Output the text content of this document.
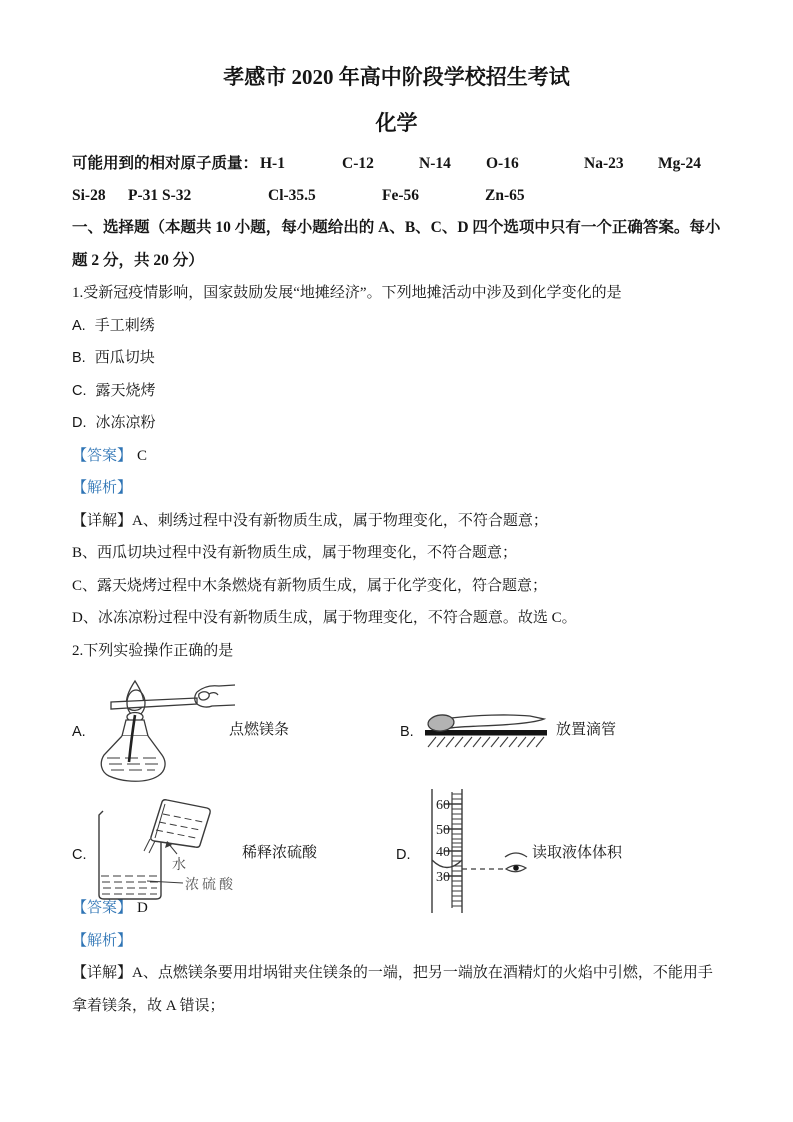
孝感市 2020 年高中阶段学校招生考试
化学
可能用到的相对原子质量： H-1	C-12	N-14 O-16	Na-23 Mg-24
Si-28 P-31 S-32	Cl-35.5	Fe-56	Zn-65

一、选择题（本题共 10 小题，每小题给出的 A、B、C、D 四个选项中只有一个正确答案。每小题 2 分，共 20 分）

1.受新冠疫情影响，国家鼓励发展“地摊经济”。下列地摊活动中涉及到化学变化的是

A. 手工刺绣

B. 西瓜切块

C. 露天烧烤

D. 冰冻凉粉

【答案】 C

【解析】

【详解】A、刺绣过程中没有新物质生成，属于物理变化，不符合题意；

B、西瓜切块过程中没有新物质生成，属于物理变化，不符合题意；

C、露天烧烤过程中木条燃烧有新物质生成，属于化学变化，符合题意；

D、冰冻凉粉过程中没有新物质生成，属于物理变化，不符合题意。故选 C。

2.下列实验操作正确的是

A.	点燃镁条	B.	放置滴管
C.
水
浓硫酸
稀释浓硫酸	D.
60
50
40
30
读取液体体积

【答案】 D

【解析】

【详解】A、点燃镁条要用坩埚钳夹住镁条的一端，把另一端放在酒精灯的火焰中引燃，不能用手拿着镁条，故 A 错误；
